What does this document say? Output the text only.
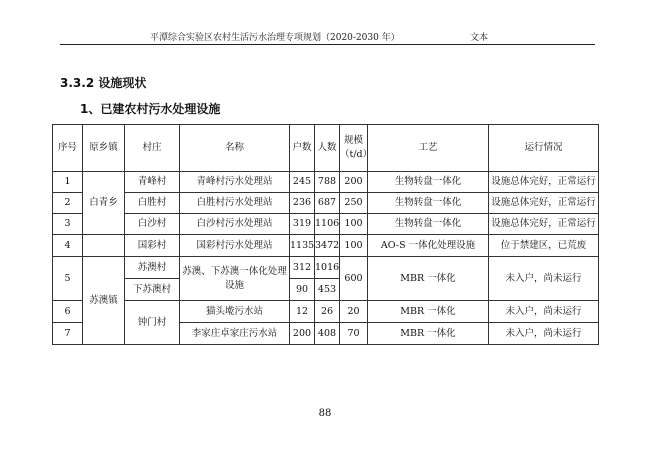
平潭综合实验区农村生活污水治理专项规划（2020-2030 年）	文本
3.3.2 设施现状
1、已建农村污水处理设施
序号	原乡镇	村庄	名称	户数	人数	规模（t/d）	工艺	运行情况
1	白青乡	青峰村	青峰村污水处理站	245	788	200	生物转盘一体化	设施总体完好，正常运行
2		白胜村	白胜村污水处理站	236	687	250	生物转盘一体化	设施总体完好，正常运行
3		白沙村	白沙村污水处理站	319	1106	100	生物转盘一体化	设施总体完好，正常运行
4		国彩村	国彩村污水处理站	1135	3472	100	AO-S 一体化处理设施	位于禁建区，已荒废
5	苏澳镇	苏澳村	苏澳、下苏澳一体化处理设施	312	1016	600	MBR 一体化	未入户，尚未运行
		下苏澳村		90	453			
6		钟门村	猫头墘污水站	12	26	20	MBR 一体化	未入户，尚未运行
7			李家庄卓家庄污水站	200	408	70	MBR 一体化	未入户，尚未运行
88
